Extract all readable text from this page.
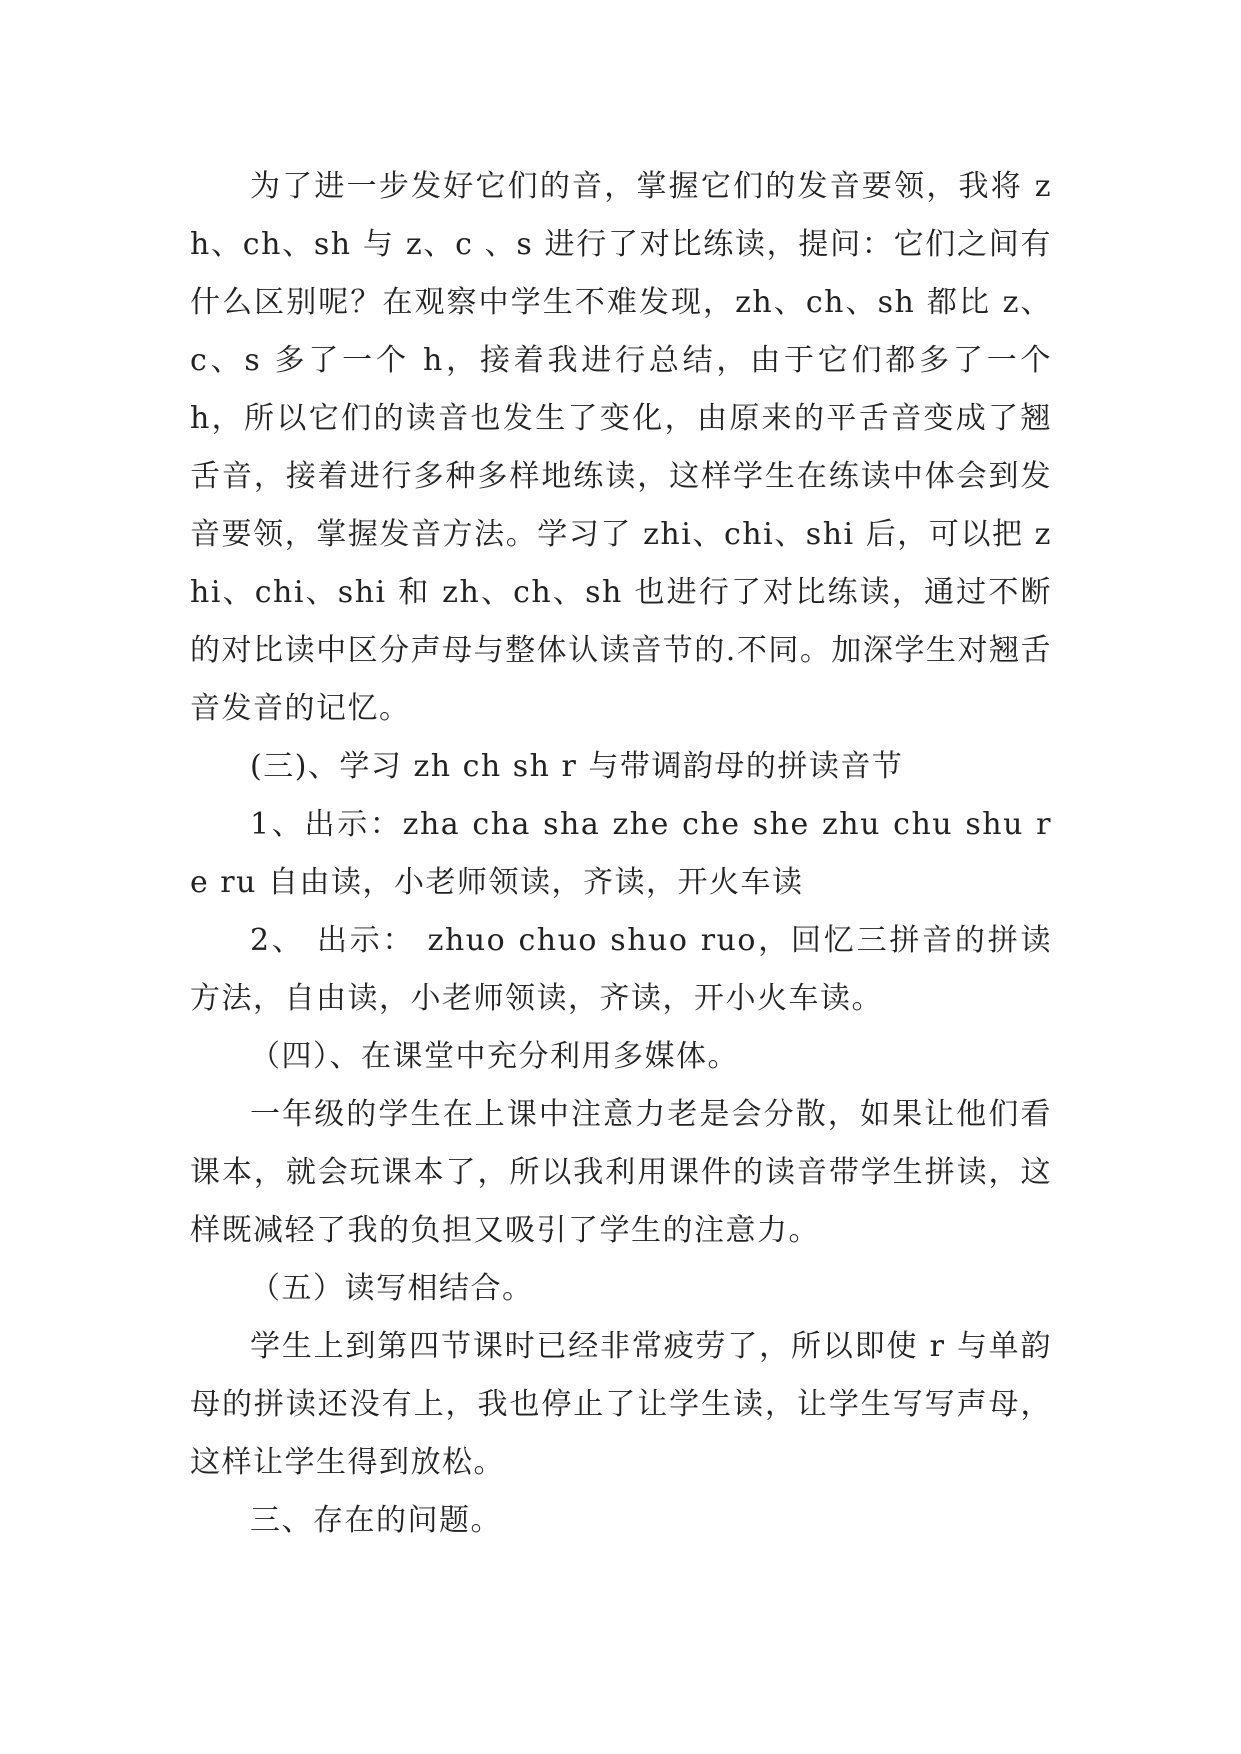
为了进一步发好它们的音，掌握它们的发音要领，我将 zh、ch、sh 与 z、c 、s 进行了对比练读，提问：它们之间有什么区别呢？在观察中学生不难发现，zh、ch、sh 都比 z、c、s 多了一个 h，接着我进行总结，由于它们都多了一个 h，所以它们的读音也发生了变化，由原来的平舌音变成了翘舌音，接着进行多种多样地练读，这样学生在练读中体会到发音要领，掌握发音方法。学习了 zhi、chi、shi 后，可以把 zhi、chi、shi 和 zh、ch、sh 也进行了对比练读，通过不断的对比读中区分声母与整体认读音节的.不同。加深学生对翘舌音发音的记忆。

(三)、学习 zh ch sh r 与带调韵母的拼读音节

1、出示：zha cha sha zhe che she zhu chu shu re ru 自由读，小老师领读，齐读，开火车读

2、 出示： zhuo chuo shuo ruo，回忆三拼音的拼读方法，自由读，小老师领读，齐读，开小火车读。

（四）、在课堂中充分利用多媒体。

一年级的学生在上课中注意力老是会分散，如果让他们看课本，就会玩课本了，所以我利用课件的读音带学生拼读，这样既减轻了我的负担又吸引了学生的注意力。

（五）读写相结合。

学生上到第四节课时已经非常疲劳了，所以即使 r 与单韵母的拼读还没有上，我也停止了让学生读，让学生写写声母，这样让学生得到放松。

三、存在的问题。
